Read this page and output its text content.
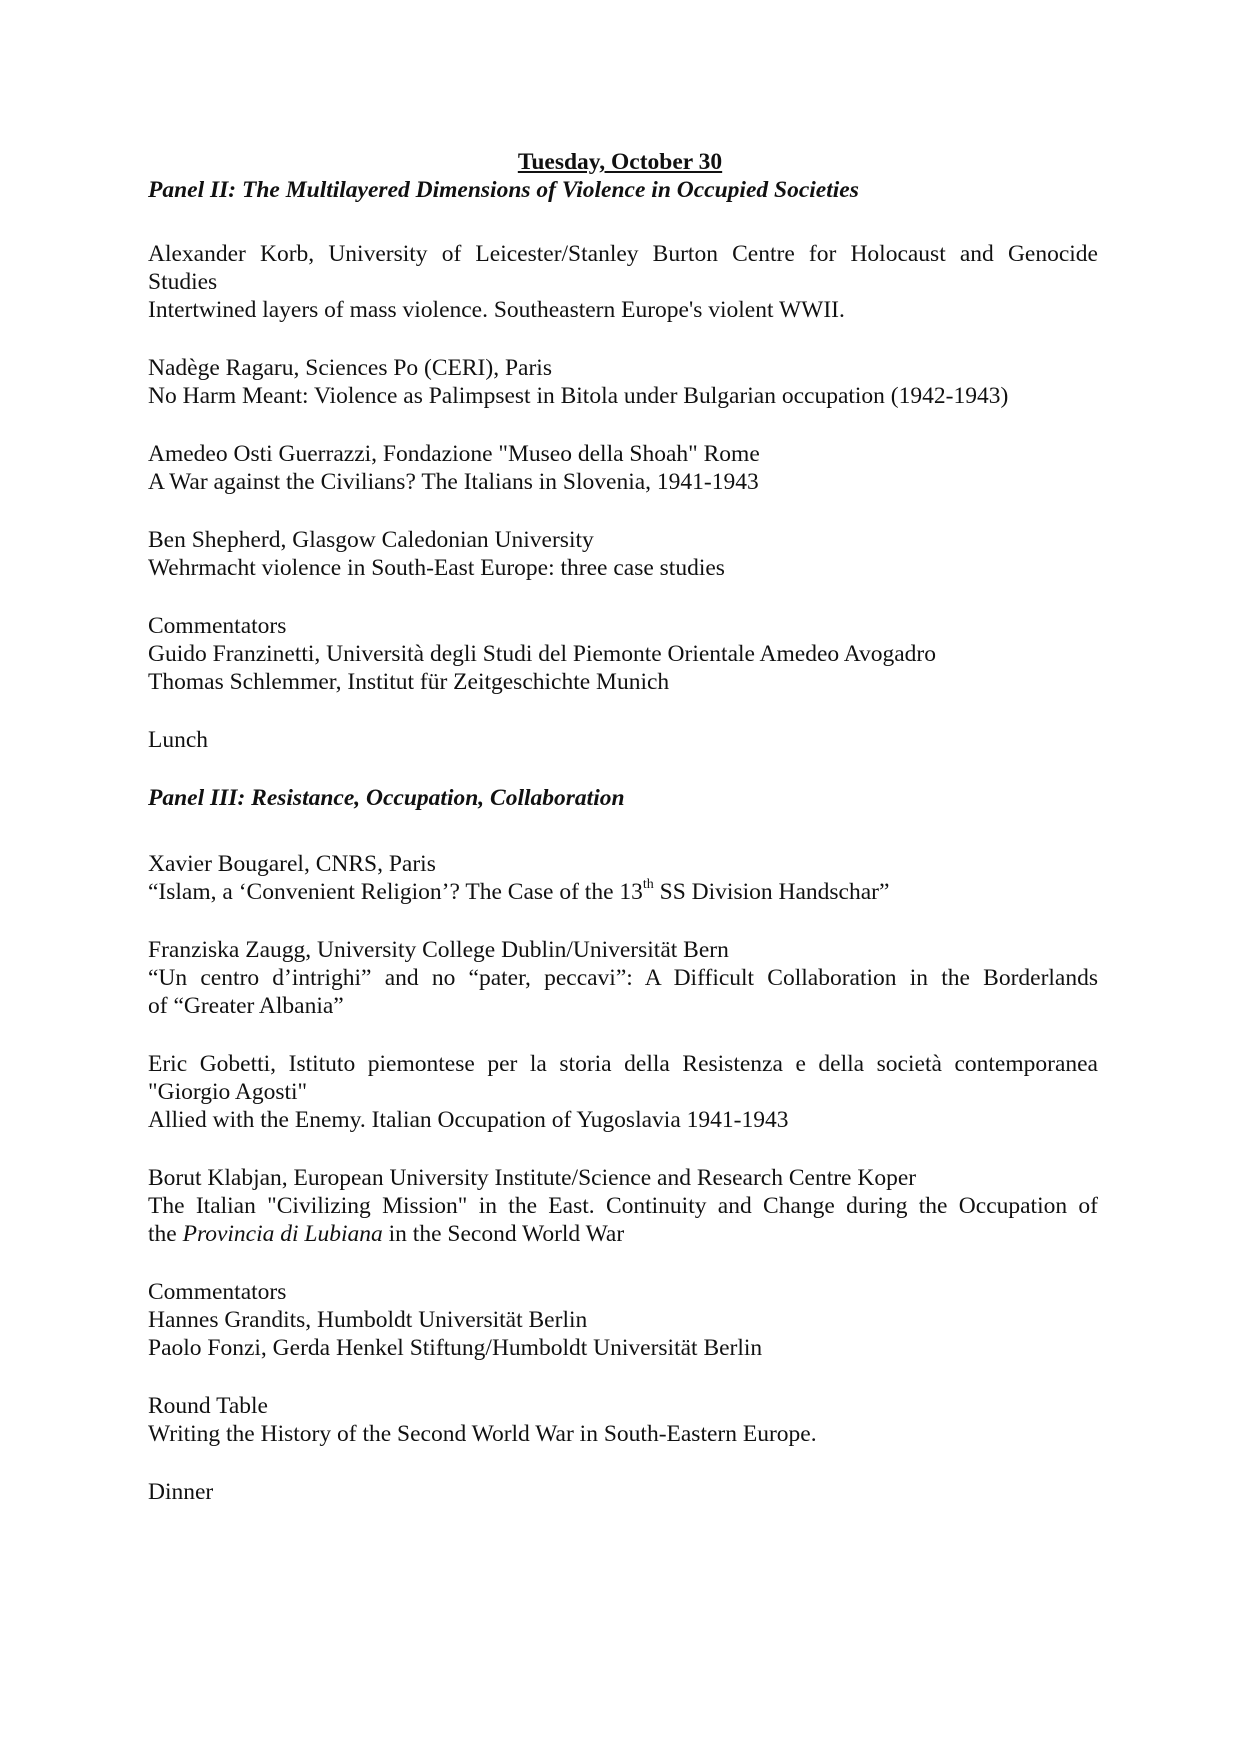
Tuesday, October 30
Panel II: The Multilayered Dimensions of Violence in Occupied Societies
Alexander Korb, University of Leicester/Stanley Burton Centre for Holocaust and Genocide
Studies
Intertwined layers of mass violence. Southeastern Europe's violent WWII.
Nadège Ragaru, Sciences Po (CERI), Paris
No Harm Meant: Violence as Palimpsest in Bitola under Bulgarian occupation (1942-1943)
Amedeo Osti Guerrazzi, Fondazione "Museo della Shoah" Rome
A War against the Civilians? The Italians in Slovenia, 1941-1943
Ben Shepherd, Glasgow Caledonian University
Wehrmacht violence in South-East Europe: three case studies
Commentators
Guido Franzinetti, Università degli Studi del Piemonte Orientale Amedeo Avogadro
Thomas Schlemmer, Institut für Zeitgeschichte Munich
Lunch
Panel III: Resistance, Occupation, Collaboration
Xavier Bougarel, CNRS, Paris
“Islam, a ‘Convenient Religion’? The Case of the 13th SS Division Handschar”
Franziska Zaugg, University College Dublin/Universität Bern
“Un centro d’intrighi” and no “pater, peccavi”: A Difficult Collaboration in the Borderlands
of “Greater Albania”
Eric Gobetti, Istituto piemontese per la storia della Resistenza e della società contemporanea
"Giorgio Agosti"
Allied with the Enemy. Italian Occupation of Yugoslavia 1941-1943
Borut Klabjan, European University Institute/Science and Research Centre Koper
The Italian "Civilizing Mission" in the East. Continuity and Change during the Occupation of
the Provincia di Lubiana in the Second World War
Commentators
Hannes Grandits, Humboldt Universität Berlin
Paolo Fonzi, Gerda Henkel Stiftung/Humboldt Universität Berlin
Round Table
Writing the History of the Second World War in South-Eastern Europe.
Dinner
